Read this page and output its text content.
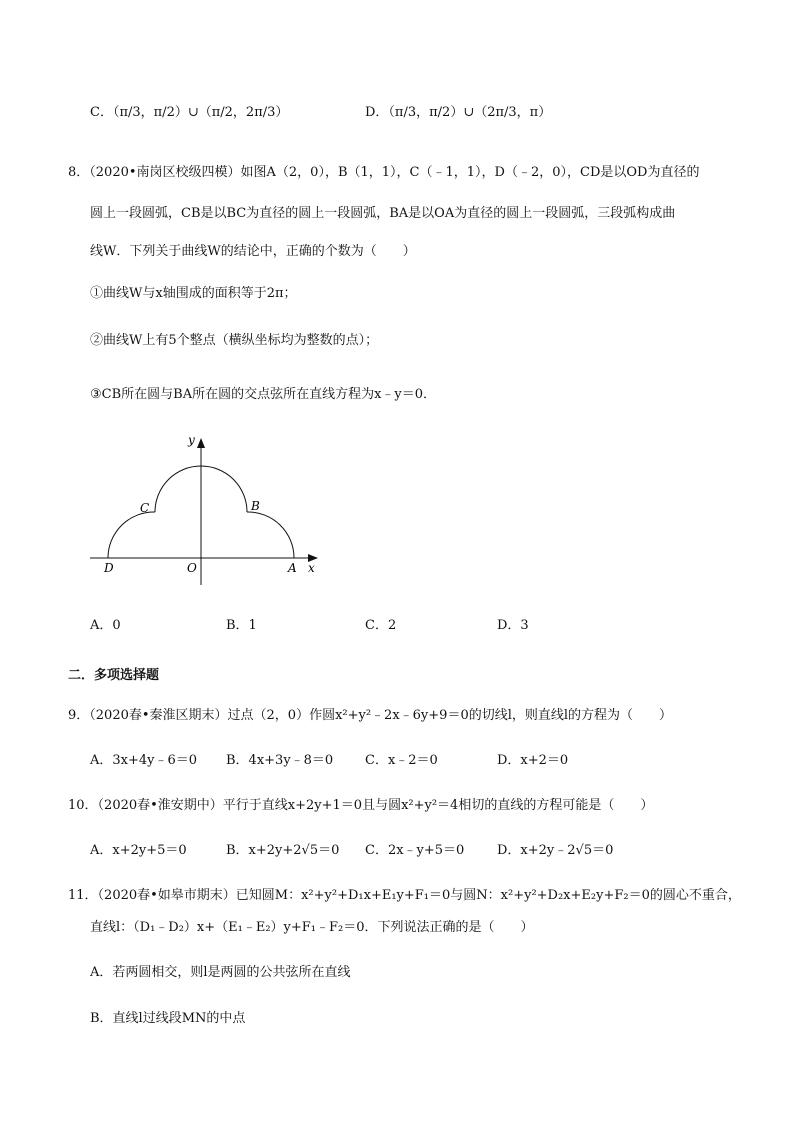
C．（π/3，π/2）∪（π/2，2π/3）	D．（π/3，π/2）∪（2π/3，π）
8．（2020•南岗区校级四模）如图A（2，0），B（1，1），C（﹣1，1），D（﹣2，0），CD是以OD为直径的
圆上一段圆弧，CB是以BC为直径的圆上一段圆弧，BA是以OA为直径的圆上一段圆弧，三段弧构成曲
线W．下列关于曲线W的结论中，正确的个数为（　　）
①曲线W与x轴围成的面积等于2π；
②曲线W上有5个整点（横纵坐标均为整数的点）；
③CB所在圆与BA所在圆的交点弦所在直线方程为x﹣y＝0．
y
x
C	B
D	O	A
A．0	B．1	C．2	D．3
二．多项选择题
9．（2020春•秦淮区期末）过点（2，0）作圆x²+y²﹣2x﹣6y+9＝0的切线l，则直线l的方程为（　　）
A．3x+4y﹣6＝0 B．4x+3y﹣8＝0 C．x﹣2＝0	D．x+2＝0
10．（2020春•淮安期中）平行于直线x+2y+1＝0且与圆x²+y²＝4相切的直线的方程可能是（　　）
A．x+2y+5＝0	B．x+2y+2√5＝0 C．2x﹣y+5＝0	D．x+2y﹣2√5＝0
11．（2020春•如皋市期末）已知圆M：x²+y²+D₁x+E₁y+F₁＝0与圆N：x²+y²+D₂x+E₂y+F₂＝0的圆心不重合，
直线l：（D₁﹣D₂）x+（E₁﹣E₂）y+F₁﹣F₂＝0．下列说法正确的是（　　）
A．若两圆相交，则l是两圆的公共弦所在直线
B．直线l过线段MN的中点
